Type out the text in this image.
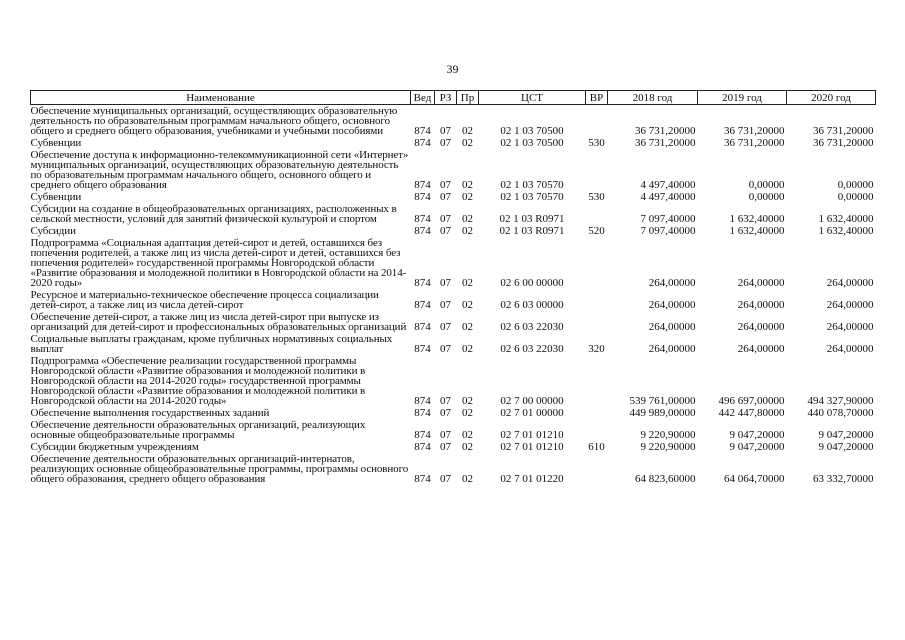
39
Наименование	Вед	РЗ	Пр	ЦСТ	ВР	2018 год	2019 год	2020 год
Обеспечение муниципальных организаций, осуществляющих образовательную деятельность по образовательным программам начального общего, основного общего и среднего общего образования, учебниками и учебными пособиями	874	07	02	02 1 03 70500		36 731,20000	36 731,20000	36 731,20000
Субвенции	874	07	02	02 1 03 70500	530	36 731,20000	36 731,20000	36 731,20000
Обеспечение доступа к информационно-телекоммуникационной сети «Интернет» муниципальных организаций, осуществляющих образовательную деятельность по образовательным программам начального общего, основного общего и среднего общего образования	874	07	02	02 1 03 70570		4 497,40000	0,00000	0,00000
Субвенции	874	07	02	02 1 03 70570	530	4 497,40000	0,00000	0,00000
Субсидии на создание в общеобразовательных организациях, расположенных в сельской местности, условий для занятий физической культурой и спортом	874	07	02	02 1 03 R0971		7 097,40000	1 632,40000	1 632,40000
Субсидии	874	07	02	02 1 03 R0971	520	7 097,40000	1 632,40000	1 632,40000
Подпрограмма «Социальная адаптация детей-сирот и детей, оставшихся без попечения родителей, а также лиц из числа детей-сирот и детей, оставшихся без попечения родителей» государственной программы Новгородской области «Развитие образования и молодежной политики в Новгородской области на 2014-2020 годы»	874	07	02	02 6 00 00000		264,00000	264,00000	264,00000
Ресурсное и материально-техническое обеспечение процесса социализации детей-сирот, а также лиц из числа детей-сирот	874	07	02	02 6 03 00000		264,00000	264,00000	264,00000
Обеспечение детей-сирот, а также лиц из числа детей-сирот при выпуске из организаций для детей-сирот и профессиональных образовательных организаций	874	07	02	02 6 03 22030		264,00000	264,00000	264,00000
Социальные выплаты гражданам, кроме публичных нормативных социальных выплат	874	07	02	02 6 03 22030	320	264,00000	264,00000	264,00000
Подпрограмма «Обеспечение реализации государственной программы Новгородской области «Развитие образования и молодежной политики в Новгородской области на 2014-2020 годы» государственной программы Новгородской области «Развитие образования и молодежной политики в Новгородской области на 2014-2020 годы»	874	07	02	02 7 00 00000		539 761,00000	496 697,00000	494 327,90000
Обеспечение выполнения государственных заданий	874	07	02	02 7 01 00000		449 989,00000	442 447,80000	440 078,70000
Обеспечение деятельности образовательных организаций, реализующих основные общеобразовательные программы	874	07	02	02 7 01 01210		9 220,90000	9 047,20000	9 047,20000
Субсидии бюджетным учреждениям	874	07	02	02 7 01 01210	610	9 220,90000	9 047,20000	9 047,20000
Обеспечение деятельности образовательных организаций-интернатов, реализующих основные общеобразовательные программы, программы основного общего образования, среднего общего образования	874	07	02	02 7 01 01220		64 823,60000	64 064,70000	63 332,70000
